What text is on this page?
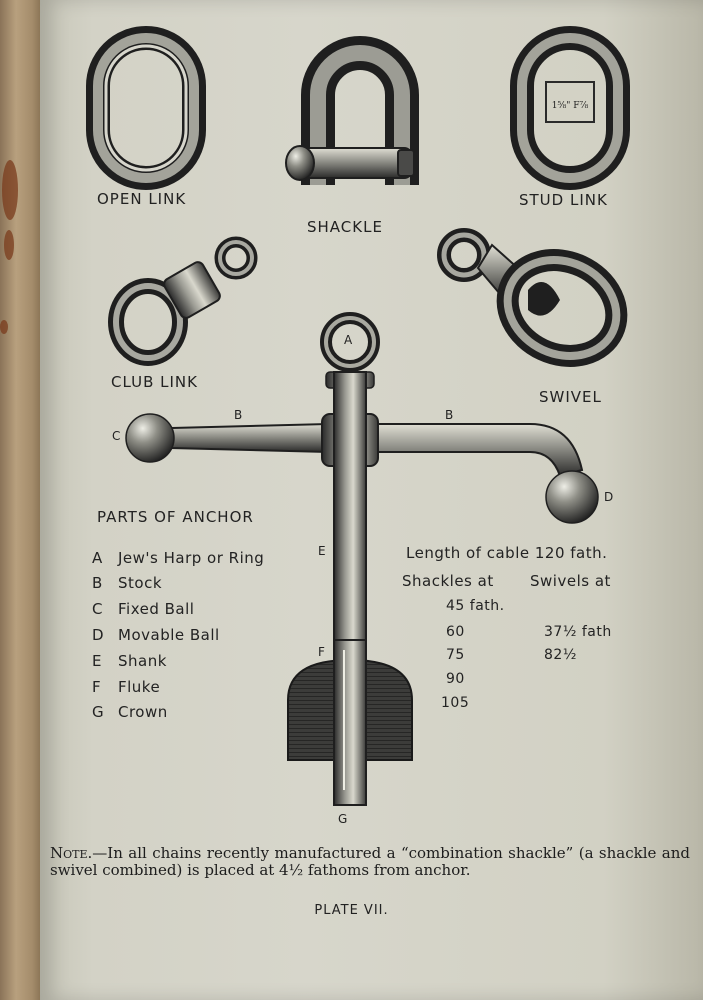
1⅝" F⅞
OPEN LINK
SHACKLE
STUD LINK
CLUB LINK
SWIVEL
A
B	B
C
D
E
F
G
PARTS OF ANCHOR
A Jew's Harp or Ring
B Stock
C Fixed Ball
D Movable Ball
E Shank
F Fluke
G Crown
Length of cable 120 fath.
Shackles at Swivels at
45 fath.
60
75
90
105
37½ fath
82½
Note.—In all chains recently manufactured a “combination shackle” (a shackle and swivel combined) is placed at 4½ fathoms from anchor.
PLATE VII.
